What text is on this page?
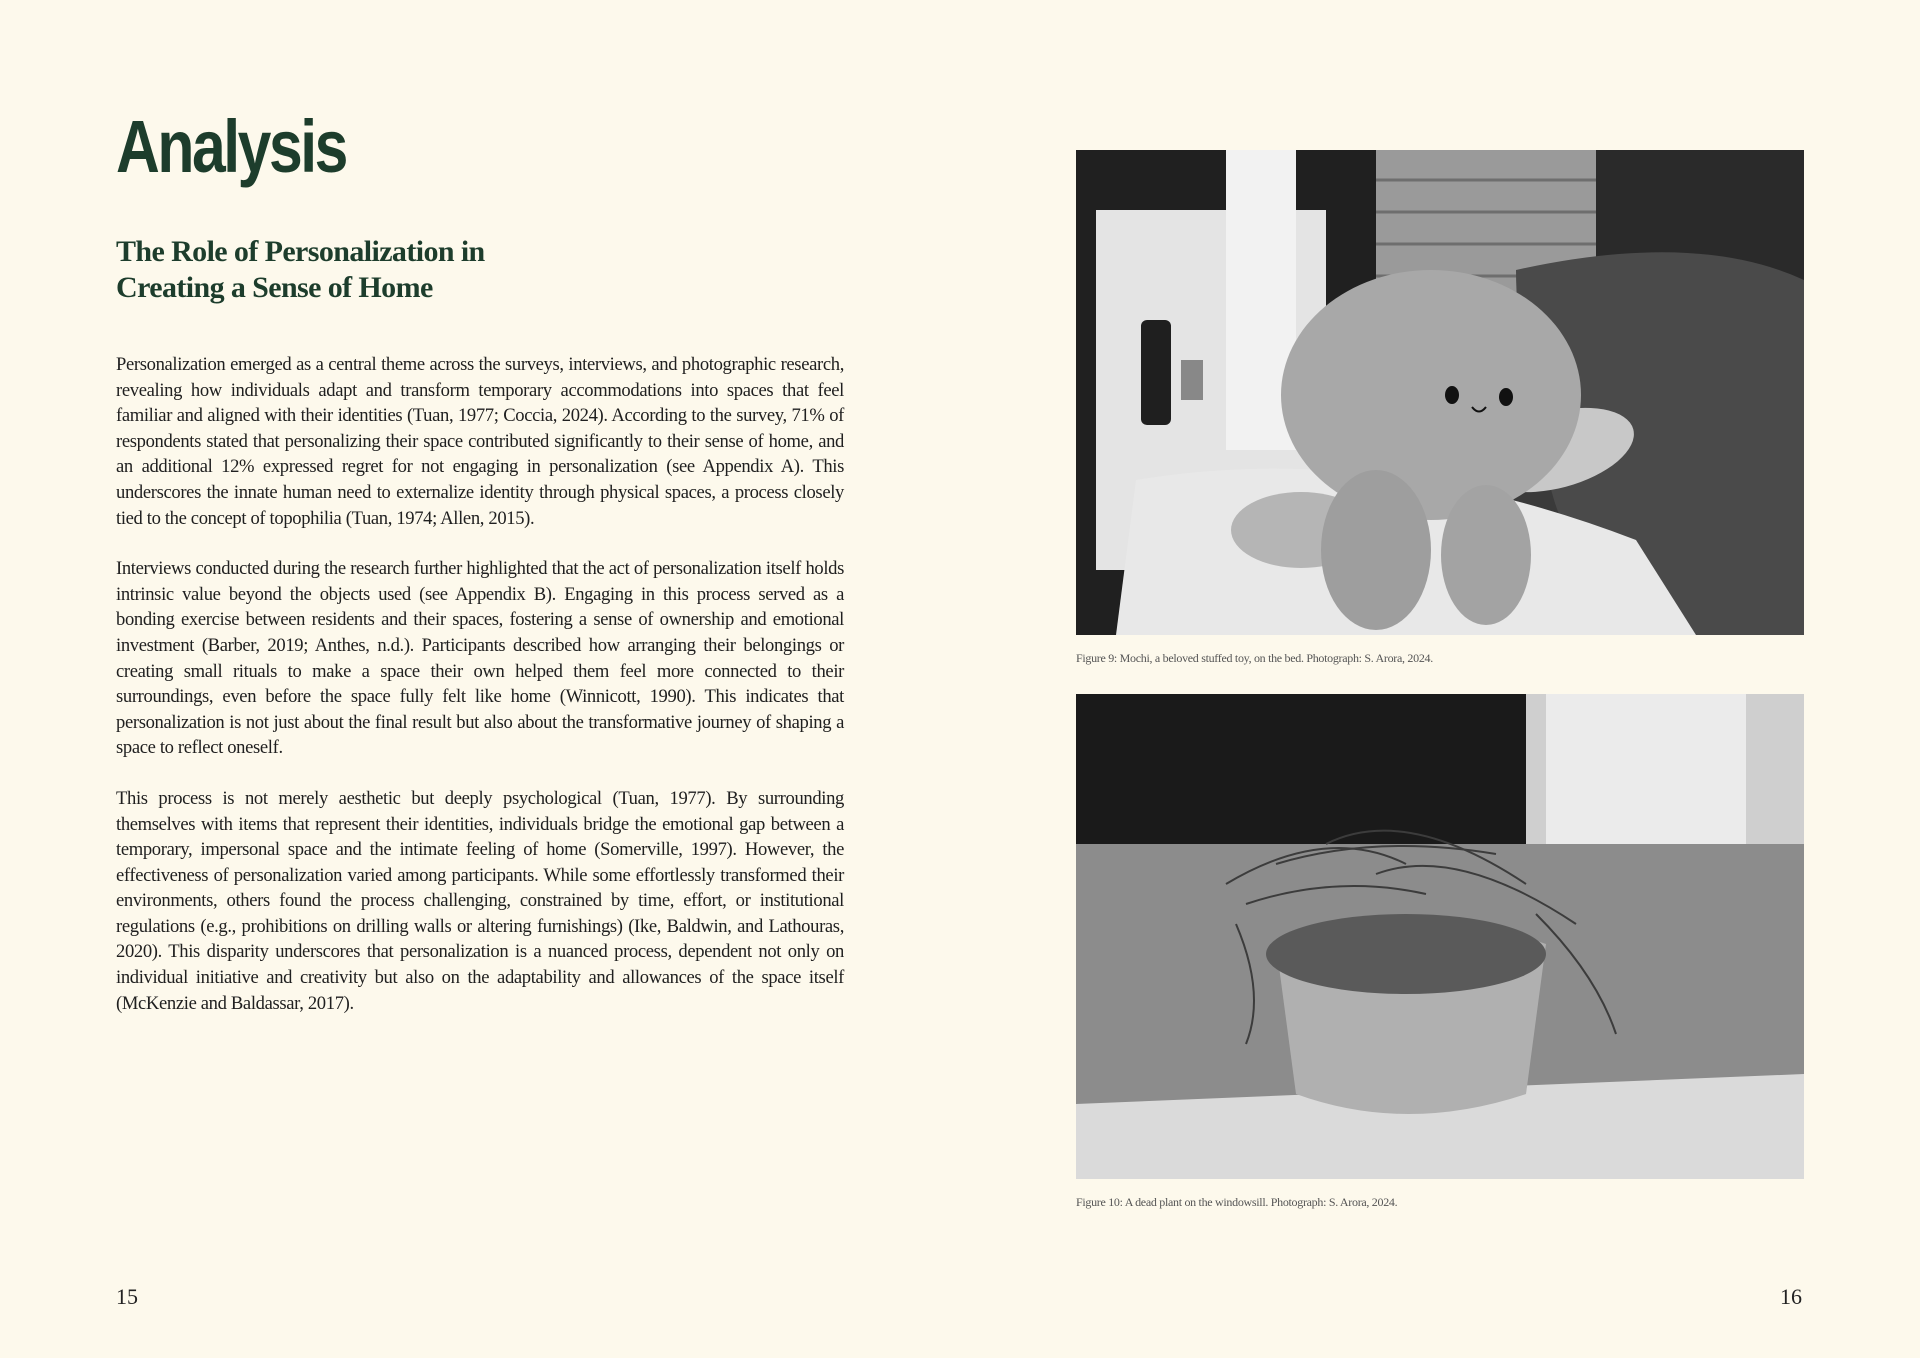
Analysis
The Role of Personalization in
Creating a Sense of Home

Personalization emerged as a central theme across the surveys, interviews, and photographic research, revealing how individuals adapt and transform temporary accommodations into spaces that feel familiar and aligned with their identities (Tuan, 1977; Coccia, 2024). According to the survey, 71% of respondents stated that personalizing their space contributed significantly to their sense of home, and an additional 12% expressed regret for not engaging in personalization (see Appendix A). This underscores the innate human need to externalize identity through physical spaces, a process closely tied to the concept of topophilia (Tuan, 1974; Allen, 2015).

Interviews conducted during the research further highlighted that the act of personalization itself holds intrinsic value beyond the objects used (see Appendix B). Engaging in this process served as a bonding exercise between residents and their spaces, fostering a sense of ownership and emotional investment (Barber, 2019; Anthes, n.d.). Participants described how arranging their belongings or creating small rituals to make a space their own helped them feel more connected to their surroundings, even before the space fully felt like home (Winnicott, 1990). This indicates that personalization is not just about the final result but also about the transformative journey of shaping a space to reflect oneself.

This process is not merely aesthetic but deeply psychological (Tuan, 1977). By surrounding themselves with items that represent their identities, individuals bridge the emotional gap between a temporary, impersonal space and the intimate feeling of home (Somerville, 1997). However, the effectiveness of personalization varied among participants. While some effortlessly transformed their environments, others found the process challenging, constrained by time, effort, or institutional regulations (e.g., prohibitions on drilling walls or altering furnishings) (Ike, Baldwin, and Lathouras, 2020). This disparity underscores that personalization is a nuanced process, dependent not only on individual initiative and creativity but also on the adaptability and allowances of the space itself (McKenzie and Baldassar, 2017).

15

Figure 9: Mochi, a beloved stuffed toy, on the bed. Photograph: S. Arora, 2024.

Figure 10: A dead plant on the windowsill. Photograph: S. Arora, 2024.

16
